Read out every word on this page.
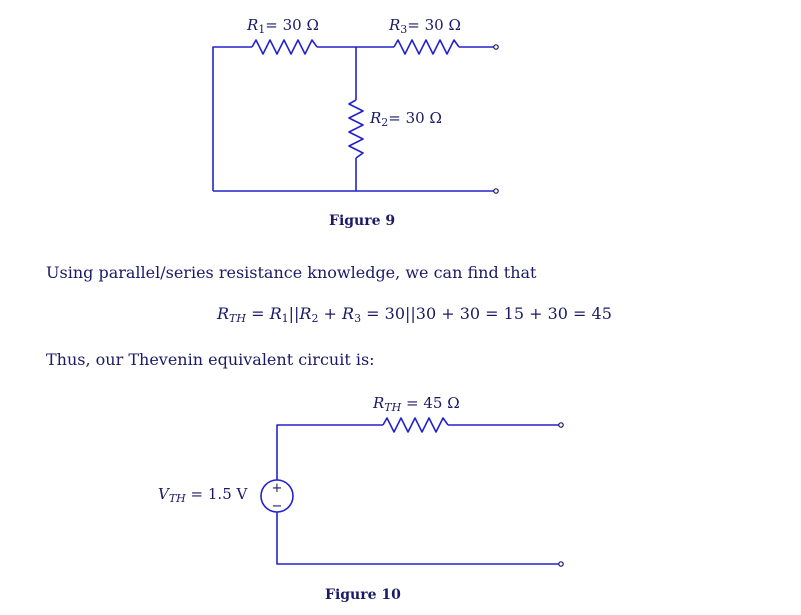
+
−
$R_1= 30$ Ω	$R_3= 30$ Ω
$R_2= 30$ Ω
Figure 9
Using parallel/series resistance knowledge, we can find that
$R_{TH} = R_1||R_2 + R_3 = 30||30 + 30 = 15 + 30 = 45$
Thus, our Thevenin equivalent circuit is:
$R_{TH} = 45$ Ω
$V_{TH} = 1.5$ V
Figure 10
